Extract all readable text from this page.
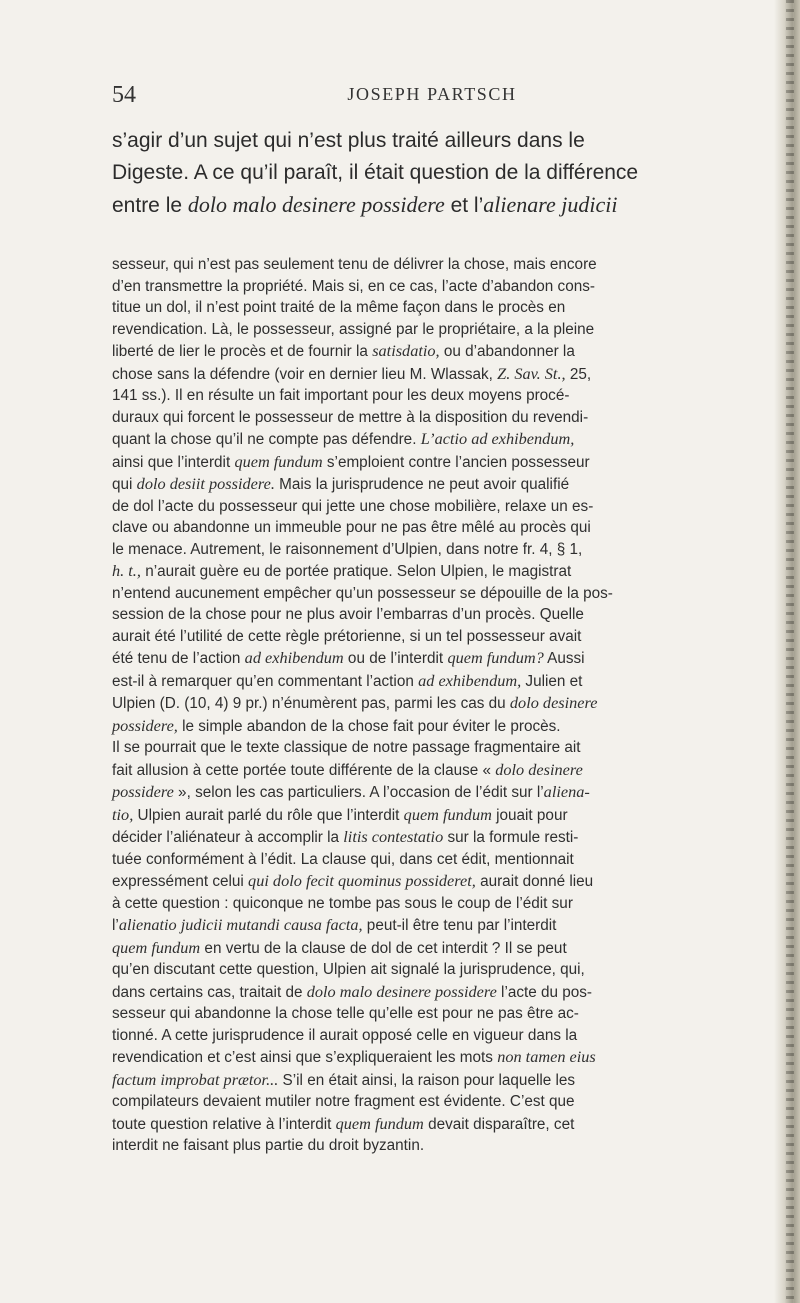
54	JOSEPH PARTSCH
s’agir d’un sujet qui n’est plus traité ailleurs dans le
Digeste. A ce qu’il paraît, il était question de la différence
entre le dolo malo desinere possidere et l’alienare judicii
sesseur, qui n’est pas seulement tenu de délivrer la chose, mais encore
d’en transmettre la propriété. Mais si, en ce cas, l’acte d’abandon cons-
titue un dol, il n’est point traité de la même façon dans le procès en
revendication. Là, le possesseur, assigné par le propriétaire, a la pleine
liberté de lier le procès et de fournir la satisdatio, ou d’abandonner la
chose sans la défendre (voir en dernier lieu M. Wlassak, Z. Sav. St., 25,
141 ss.). Il en résulte un fait important pour les deux moyens procé-
duraux qui forcent le possesseur de mettre à la disposition du revendi-
quant la chose qu’il ne compte pas défendre. L’actio ad exhibendum,
ainsi que l’interdit quem fundum s’emploient contre l’ancien possesseur
qui dolo desiit possidere. Mais la jurisprudence ne peut avoir qualifié
de dol l’acte du possesseur qui jette une chose mobilière, relaxe un es-
clave ou abandonne un immeuble pour ne pas être mêlé au procès qui
le menace. Autrement, le raisonnement d’Ulpien, dans notre fr. 4, § 1,
h. t., n’aurait guère eu de portée pratique. Selon Ulpien, le magistrat
n’entend aucunement empêcher qu’un possesseur se dépouille de la pos-
session de la chose pour ne plus avoir l’embarras d’un procès. Quelle
aurait été l’utilité de cette règle prétorienne, si un tel possesseur avait
été tenu de l’action ad exhibendum ou de l’interdit quem fundum? Aussi
est-il à remarquer qu’en commentant l’action ad exhibendum, Julien et
Ulpien (D. (10, 4) 9 pr.) n’énumèrent pas, parmi les cas du dolo desinere
possidere, le simple abandon de la chose fait pour éviter le procès.
Il se pourrait que le texte classique de notre passage fragmentaire ait
fait allusion à cette portée toute différente de la clause « dolo desinere
possidere », selon les cas particuliers. A l’occasion de l’édit sur l’aliena-
tio, Ulpien aurait parlé du rôle que l’interdit quem fundum jouait pour
décider l’aliénateur à accomplir la litis contestatio sur la formule resti-
tuée conformément à l’édit. La clause qui, dans cet édit, mentionnait
expressément celui qui dolo fecit quominus possideret, aurait donné lieu
à cette question : quiconque ne tombe pas sous le coup de l’édit sur
l’alienatio judicii mutandi causa facta, peut-il être tenu par l’interdit
quem fundum en vertu de la clause de dol de cet interdit ? Il se peut
qu’en discutant cette question, Ulpien ait signalé la jurisprudence, qui,
dans certains cas, traitait de dolo malo desinere possidere l’acte du pos-
sesseur qui abandonne la chose telle qu’elle est pour ne pas être ac-
tionné. A cette jurisprudence il aurait opposé celle en vigueur dans la
revendication et c’est ainsi que s’expliqueraient les mots non tamen eius
factum improbat prætor... S’il en était ainsi, la raison pour laquelle les
compilateurs devaient mutiler notre fragment est évidente. C’est que
toute question relative à l’interdit quem fundum devait disparaître, cet
interdit ne faisant plus partie du droit byzantin.
